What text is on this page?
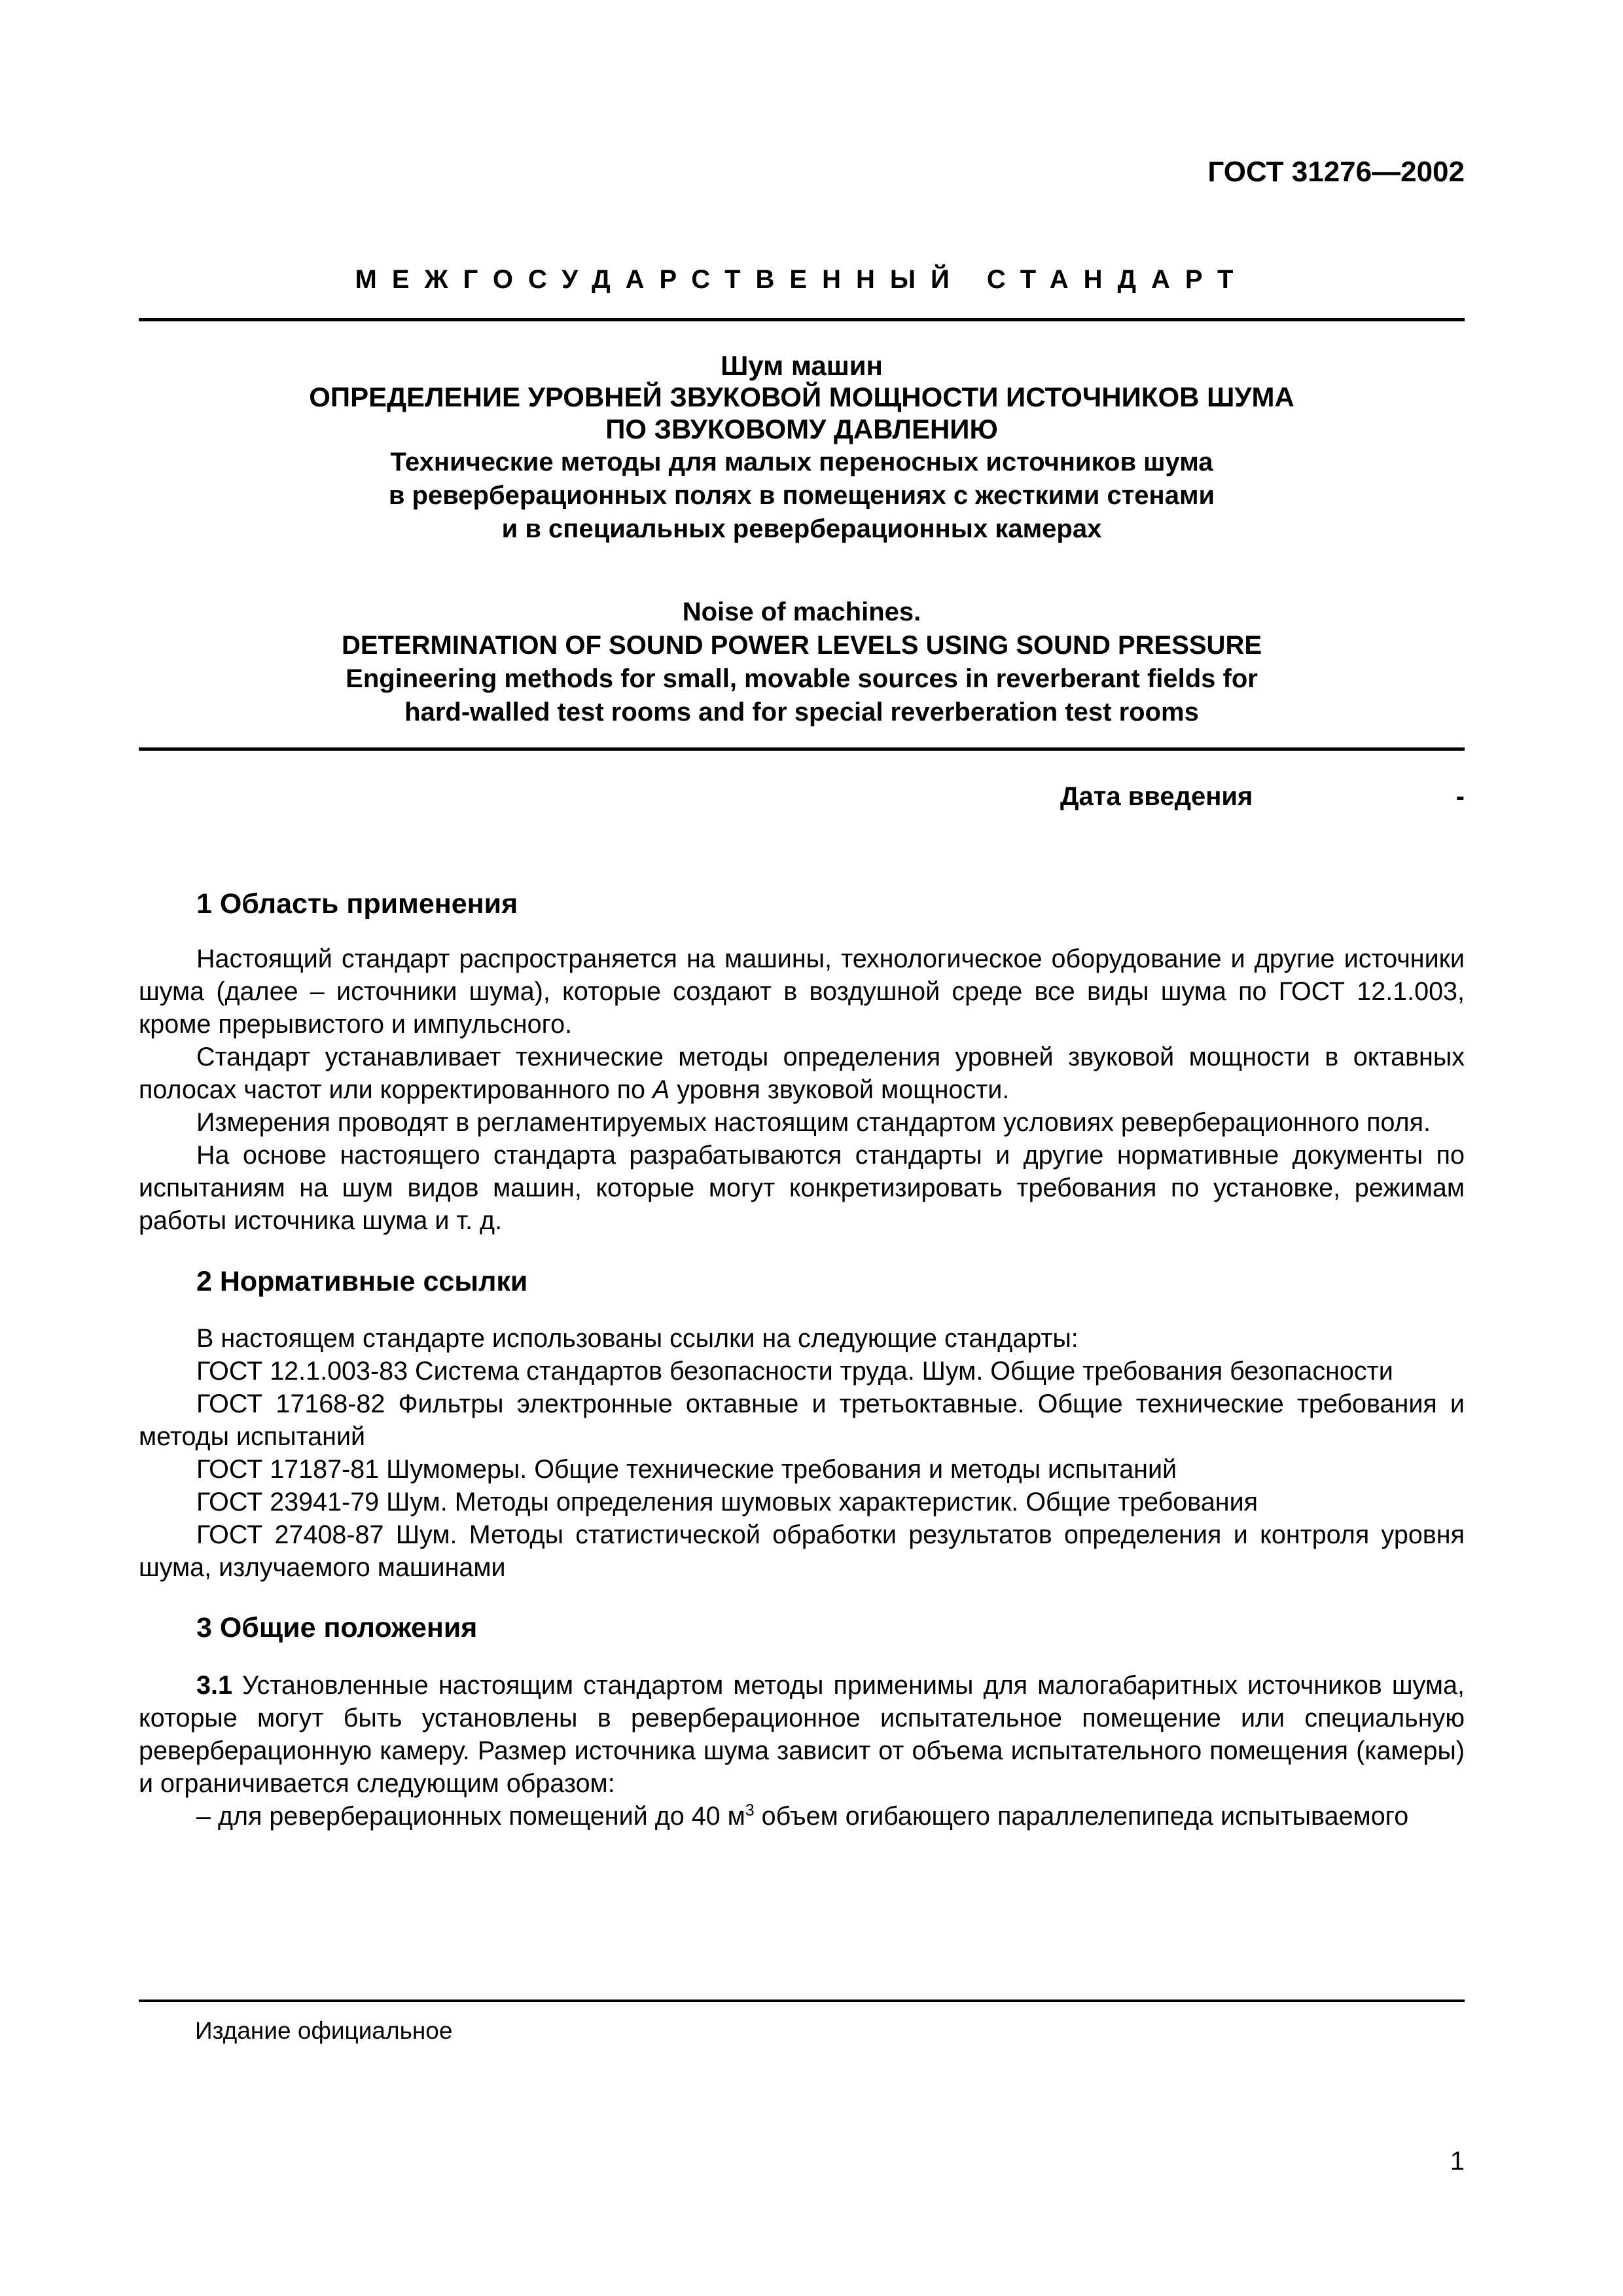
ГОСТ 31276—2002
МЕЖГОСУДАРСТВЕННЫЙ СТАНДАРТ
Шум машин
ОПРЕДЕЛЕНИЕ УРОВНЕЙ ЗВУКОВОЙ МОЩНОСТИ ИСТОЧНИКОВ ШУМА
ПО ЗВУКОВОМУ ДАВЛЕНИЮ
Технические методы для малых переносных источников шума
в реверберационных полях в помещениях с жесткими стенами
и в специальных реверберационных камерах
Noise of machines.
DETERMINATION OF SOUND POWER LEVELS USING SOUND PRESSURE
Engineering methods for small, movable sources in reverberant fields for
hard-walled test rooms and for special reverberation test rooms
Дата введения	-
1 Область применения

Настоящий стандарт распространяется на машины, технологическое оборудование и другие источники шума (далее – источники шума), которые создают в воздушной среде все виды шума по ГОСТ 12.1.003, кроме прерывистого и импульсного.

Стандарт устанавливает технические методы определения уровней звуковой мощности в октавных полосах частот или корректированного по А уровня звуковой мощности.

Измерения проводят в регламентируемых настоящим стандартом условиях реверберационного поля.

На основе настоящего стандарта разрабатываются стандарты и другие нормативные документы по испытаниям на шум видов машин, которые могут конкретизировать требования по установке, режимам работы источника шума и т. д.

2 Нормативные ссылки

В настоящем стандарте использованы ссылки на следующие стандарты:

ГОСТ 12.1.003-83 Система стандартов безопасности труда. Шум. Общие требования безопасности

ГОСТ 17168-82 Фильтры электронные октавные и третьоктавные. Общие технические требования и методы испытаний

ГОСТ 17187-81 Шумомеры. Общие технические требования и методы испытаний

ГОСТ 23941-79 Шум. Методы определения шумовых характеристик. Общие требования

ГОСТ 27408-87 Шум. Методы статистической обработки результатов определения и контроля уровня шума, излучаемого машинами

3 Общие положения

3.1 Установленные настоящим стандартом методы применимы для малогабаритных источников шума, которые могут быть установлены в реверберационное испытательное помещение или специальную реверберационную камеру. Размер источника шума зависит от объема испытательного помещения (камеры) и ограничивается следующим образом:

– для реверберационных помещений до 40 $м^3$ объем огибающего параллелепипеда испытываемого

Издание официальное
1
